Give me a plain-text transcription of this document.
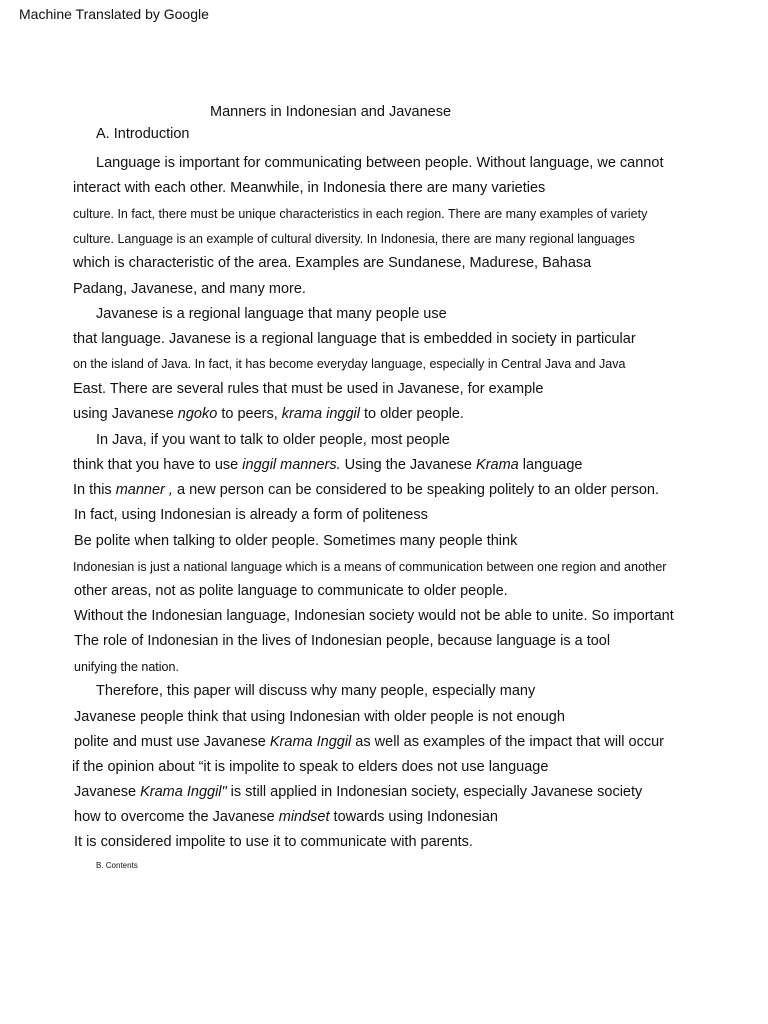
Machine Translated by Google
Manners in Indonesian and Javanese
A. Introduction
Language is important for communicating between people. Without language, we cannot
interact with each other. Meanwhile, in Indonesia there are many varieties
culture. In fact, there must be unique characteristics in each region. There are many examples of variety
culture. Language is an example of cultural diversity. In Indonesia, there are many regional languages
which is characteristic of the area. Examples are Sundanese, Madurese, Bahasa
Padang, Javanese, and many more.
Javanese is a regional language that many people use
that language. Javanese is a regional language that is embedded in society in particular
on the island of Java. In fact, it has become everyday language, especially in Central Java and Java
East. There are several rules that must be used in Javanese, for example
using Javanese ngoko to peers, krama inggil to older people.
In Java, if you want to talk to older people, most people
think that you have to use inggil manners. Using the Javanese Krama language
In this manner , a new person can be considered to be speaking politely to an older person.
In fact, using Indonesian is already a form of politeness
Be polite when talking to older people. Sometimes many people think
Indonesian is just a national language which is a means of communication between one region and another
other areas, not as polite language to communicate to older people.
Without the Indonesian language, Indonesian society would not be able to unite. So important
The role of Indonesian in the lives of Indonesian people, because language is a tool
unifying the nation.
Therefore, this paper will discuss why many people, especially many
Javanese people think that using Indonesian with older people is not enough
polite and must use Javanese Krama Inggil as well as examples of the impact that will occur
if the opinion about “it is impolite to speak to elders does not use language
Javanese Krama Inggil" is still applied in Indonesian society, especially Javanese society
how to overcome the Javanese mindset towards using Indonesian
It is considered impolite to use it to communicate with parents.
B. Contents
